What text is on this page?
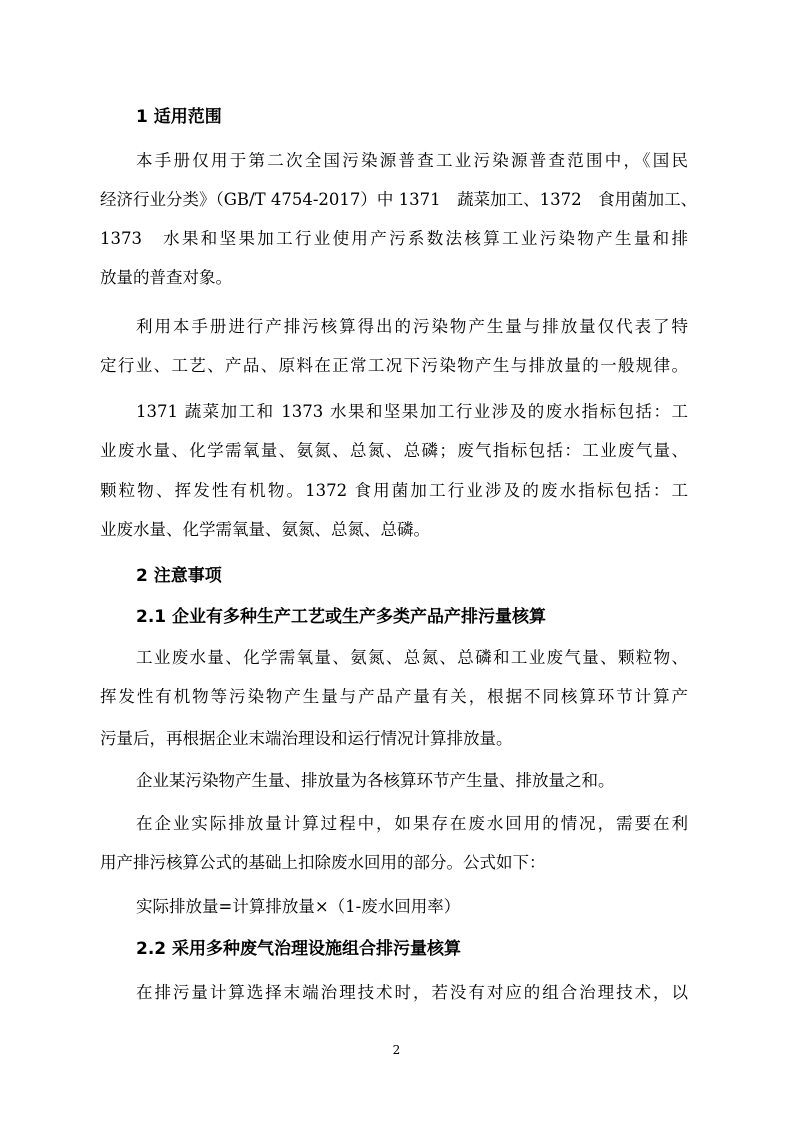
1 适用范围
本手册仅用于第二次全国污染源普查工业污染源普查范围中，《国民
经济行业分类》（GB/T 4754-2017）中 1371　蔬菜加工、1372　食用菌加工、
1373　水果和坚果加工行业使用产污系数法核算工业污染物产生量和排
放量的普查对象。
利用本手册进行产排污核算得出的污染物产生量与排放量仅代表了特
定行业、工艺、产品、原料在正常工况下污染物产生与排放量的一般规律。
1371 蔬菜加工和 1373 水果和坚果加工行业涉及的废水指标包括：工
业废水量、化学需氧量、氨氮、总氮、总磷；废气指标包括：工业废气量、
颗粒物、挥发性有机物。1372 食用菌加工行业涉及的废水指标包括：工
业废水量、化学需氧量、氨氮、总氮、总磷。
2 注意事项
2.1 企业有多种生产工艺或生产多类产品产排污量核算
工业废水量、化学需氧量、氨氮、总氮、总磷和工业废气量、颗粒物、
挥发性有机物等污染物产生量与产品产量有关，根据不同核算环节计算产
污量后，再根据企业末端治理设和运行情况计算排放量。
企业某污染物产生量、排放量为各核算环节产生量、排放量之和。
在企业实际排放量计算过程中，如果存在废水回用的情况，需要在利
用产排污核算公式的基础上扣除废水回用的部分。公式如下：
实际排放量=计算排放量×（1-废水回用率）
2.2 采用多种废气治理设施组合排污量核算
在排污量计算选择末端治理技术时，若没有对应的组合治理技术，以
2
